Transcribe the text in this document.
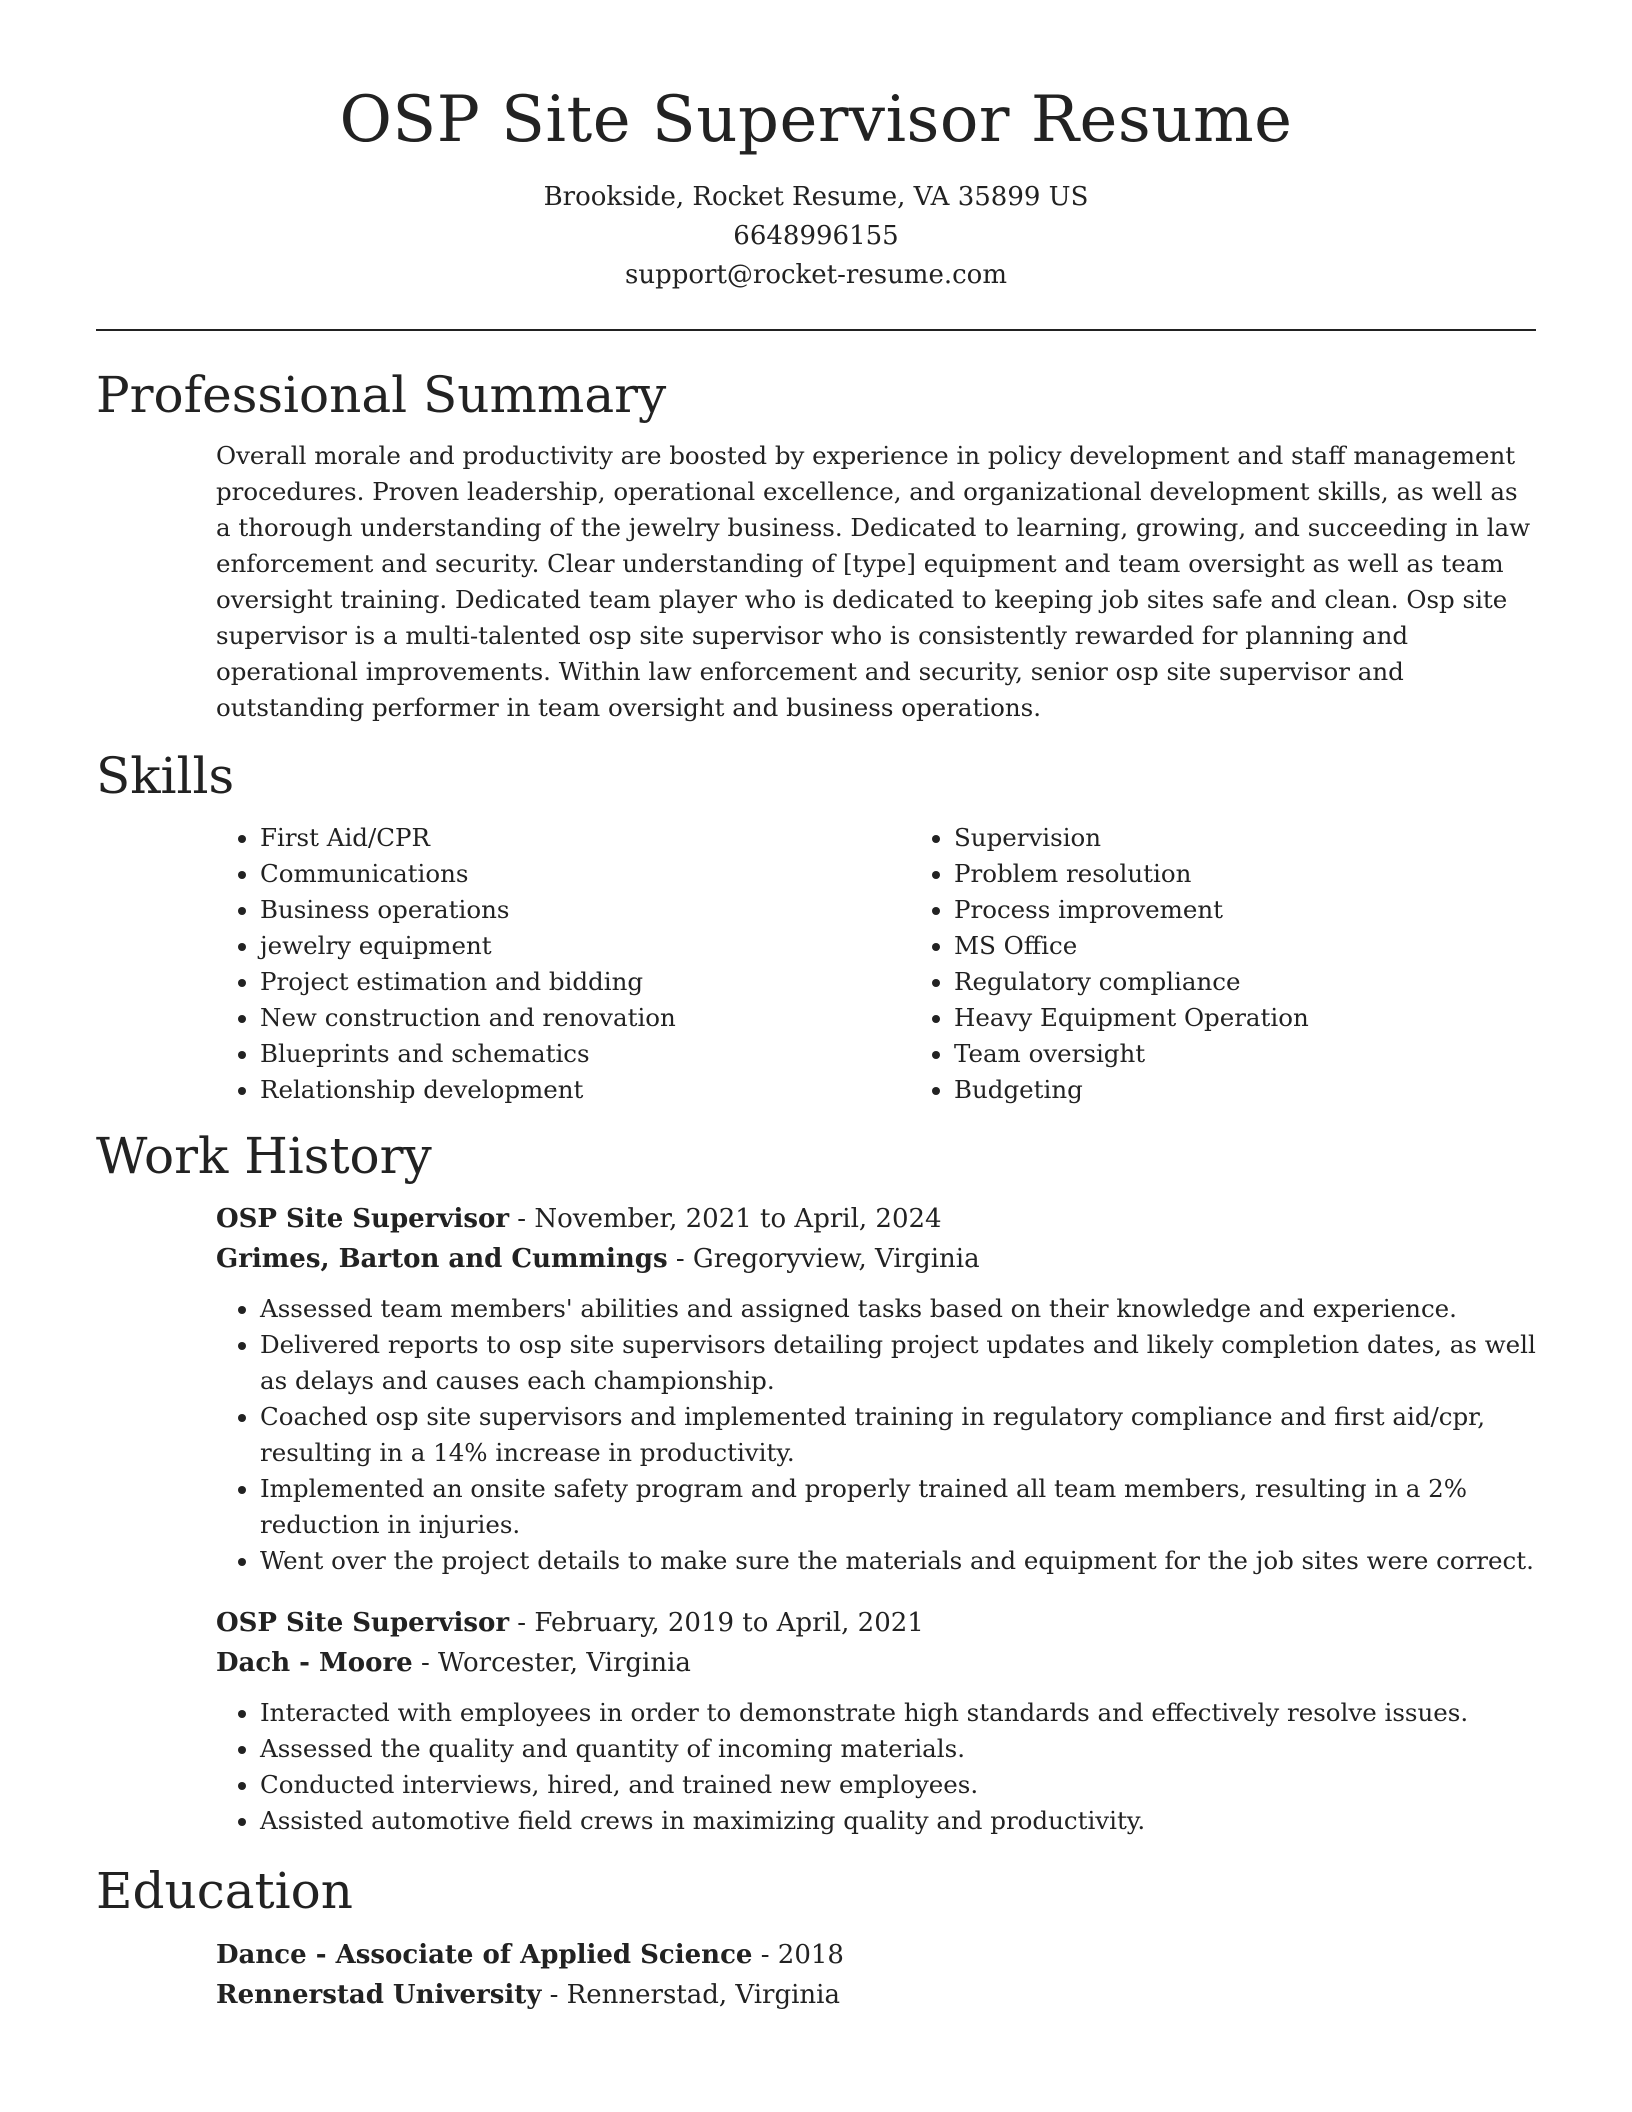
OSP Site Supervisor Resume

Brookside, Rocket Resume, VA 35899 US

6648996155

support@rocket-resume.com

Professional Summary

Overall morale and productivity are boosted by experience in policy development and staff management procedures. Proven leadership, operational excellence, and organizational development skills, as well as a thorough understanding of the jewelry business. Dedicated to learning, growing, and succeeding in law enforcement and security. Clear understanding of [type] equipment and team oversight as well as team oversight training. Dedicated team player who is dedicated to keeping job sites safe and clean. Osp site supervisor is a multi-talented osp site supervisor who is consistently rewarded for planning and operational improvements. Within law enforcement and security, senior osp site supervisor and outstanding performer in team oversight and business operations.

Skills
• First Aid/CPR
• Communications
• Business operations
• jewelry equipment
• Project estimation and bidding
• New construction and renovation
• Blueprints and schematics
• Relationship development
• Supervision
• Problem resolution
• Process improvement
• MS Office
• Regulatory compliance
• Heavy Equipment Operation
• Team oversight
• Budgeting
Work History

OSP Site Supervisor - November, 2021 to April, 2024

Grimes, Barton and Cummings - Gregoryview, Virginia

• Assessed team members' abilities and assigned tasks based on their knowledge and experience.
• Delivered reports to osp site supervisors detailing project updates and likely completion dates, as well as delays and causes each championship.
• Coached osp site supervisors and implemented training in regulatory compliance and first aid/cpr, resulting in a 14% increase in productivity.
• Implemented an onsite safety program and properly trained all team members, resulting in a 2% reduction in injuries.
• Went over the project details to make sure the materials and equipment for the job sites were correct.

OSP Site Supervisor - February, 2019 to April, 2021

Dach - Moore - Worcester, Virginia

• Interacted with employees in order to demonstrate high standards and effectively resolve issues.
• Assessed the quality and quantity of incoming materials.
• Conducted interviews, hired, and trained new employees.
• Assisted automotive field crews in maximizing quality and productivity.
Education

Dance - Associate of Applied Science - 2018

Rennerstad University - Rennerstad, Virginia
